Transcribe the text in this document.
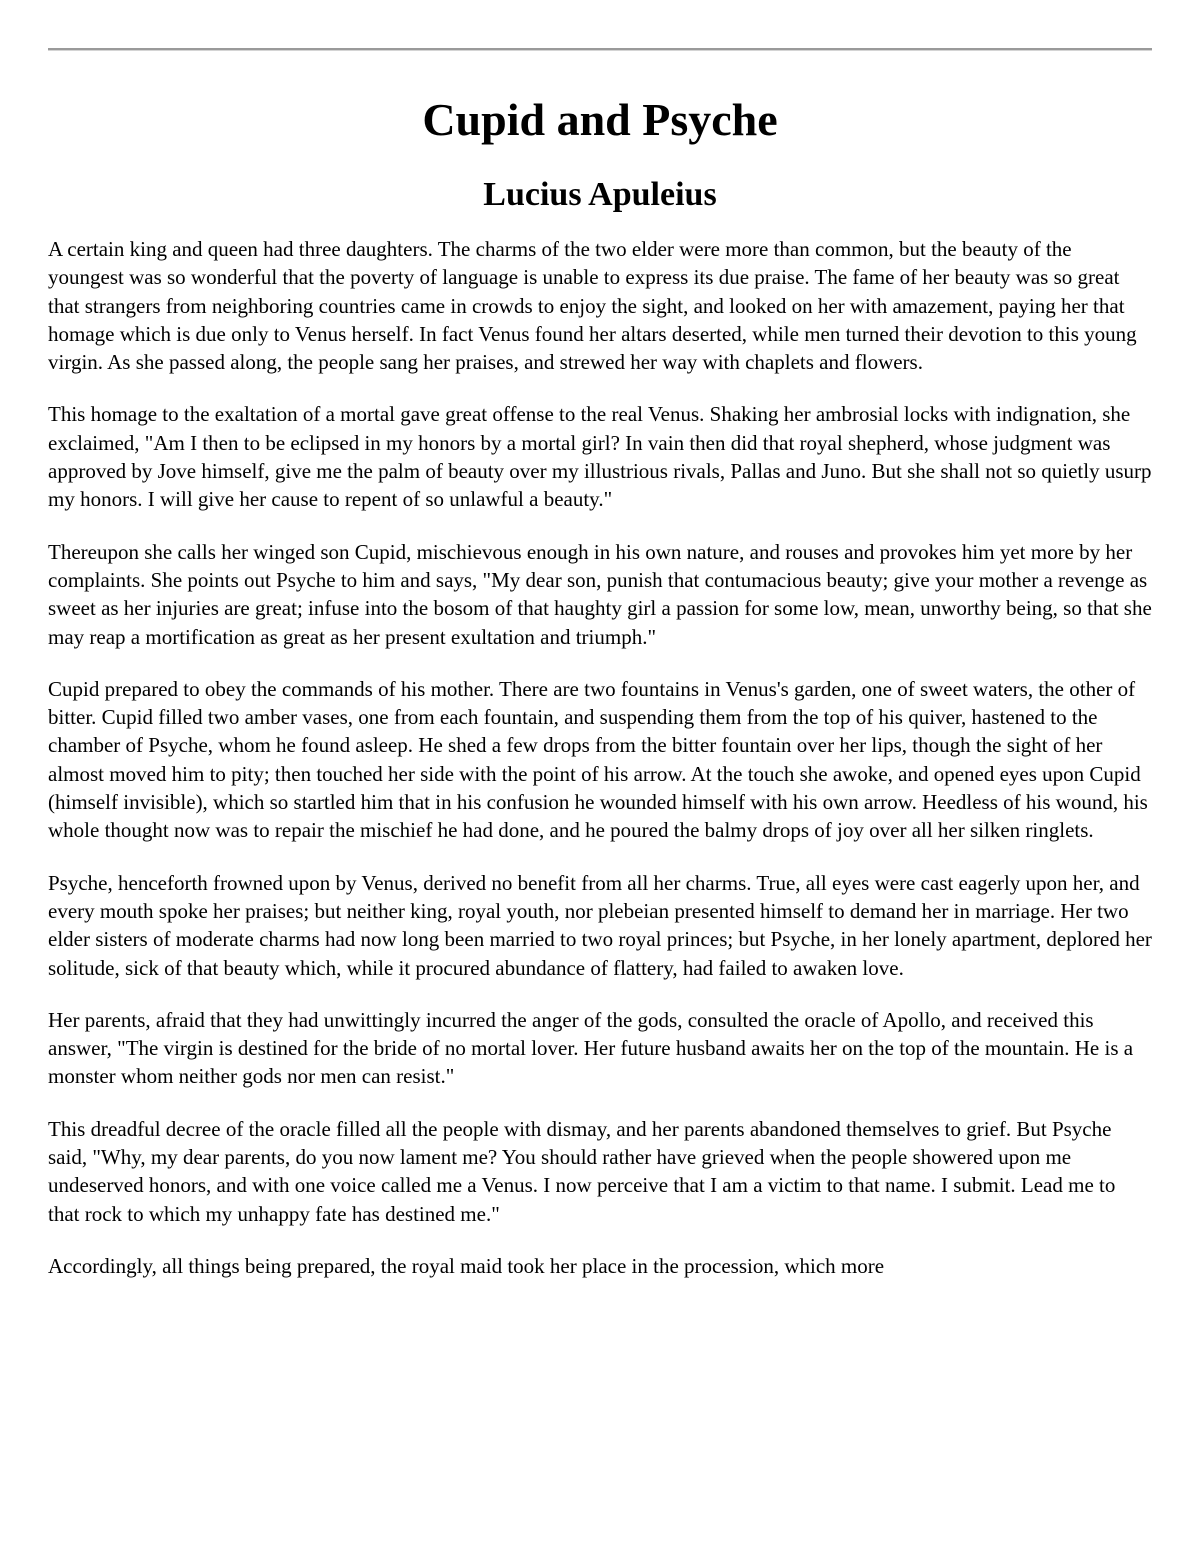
Cupid and Psyche
Lucius Apuleius

A certain king and queen had three daughters. The charms of the two elder were more than common, but the beauty of the youngest was so wonderful that the poverty of language is unable to express its due praise. The fame of her beauty was so great that strangers from neighboring countries came in crowds to enjoy the sight, and looked on her with amazement, paying her that homage which is due only to Venus herself. In fact Venus found her altars deserted, while men turned their devotion to this young virgin. As she passed along, the people sang her praises, and strewed her way with chaplets and flowers.

This homage to the exaltation of a mortal gave great offense to the real Venus. Shaking her ambrosial locks with indignation, she exclaimed, "Am I then to be eclipsed in my honors by a mortal girl? In vain then did that royal shepherd, whose judgment was approved by Jove himself, give me the palm of beauty over my illustrious rivals, Pallas and Juno. But she shall not so quietly usurp my honors. I will give her cause to repent of so unlawful a beauty."

Thereupon she calls her winged son Cupid, mischievous enough in his own nature, and rouses and provokes him yet more by her complaints. She points out Psyche to him and says, "My dear son, punish that contumacious beauty; give your mother a revenge as sweet as her injuries are great; infuse into the bosom of that haughty girl a passion for some low, mean, unworthy being, so that she may reap a mortification as great as her present exultation and triumph."

Cupid prepared to obey the commands of his mother. There are two fountains in Venus's garden, one of sweet waters, the other of bitter. Cupid filled two amber vases, one from each fountain, and suspending them from the top of his quiver, hastened to the chamber of Psyche, whom he found asleep. He shed a few drops from the bitter fountain over her lips, though the sight of her almost moved him to pity; then touched her side with the point of his arrow. At the touch she awoke, and opened eyes upon Cupid (himself invisible), which so startled him that in his confusion he wounded himself with his own arrow. Heedless of his wound, his whole thought now was to repair the mischief he had done, and he poured the balmy drops of joy over all her silken ringlets.

Psyche, henceforth frowned upon by Venus, derived no benefit from all her charms. True, all eyes were cast eagerly upon her, and every mouth spoke her praises; but neither king, royal youth, nor plebeian presented himself to demand her in marriage. Her two elder sisters of moderate charms had now long been married to two royal princes; but Psyche, in her lonely apartment, deplored her solitude, sick of that beauty which, while it procured abundance of flattery, had failed to awaken love.

Her parents, afraid that they had unwittingly incurred the anger of the gods, consulted the oracle of Apollo, and received this answer, "The virgin is destined for the bride of no mortal lover. Her future husband awaits her on the top of the mountain. He is a monster whom neither gods nor men can resist."

This dreadful decree of the oracle filled all the people with dismay, and her parents abandoned themselves to grief. But Psyche said, "Why, my dear parents, do you now lament me? You should rather have grieved when the people showered upon me undeserved honors, and with one voice called me a Venus. I now perceive that I am a victim to that name. I submit. Lead me to that rock to which my unhappy fate has destined me."

Accordingly, all things being prepared, the royal maid took her place in the procession, which more
